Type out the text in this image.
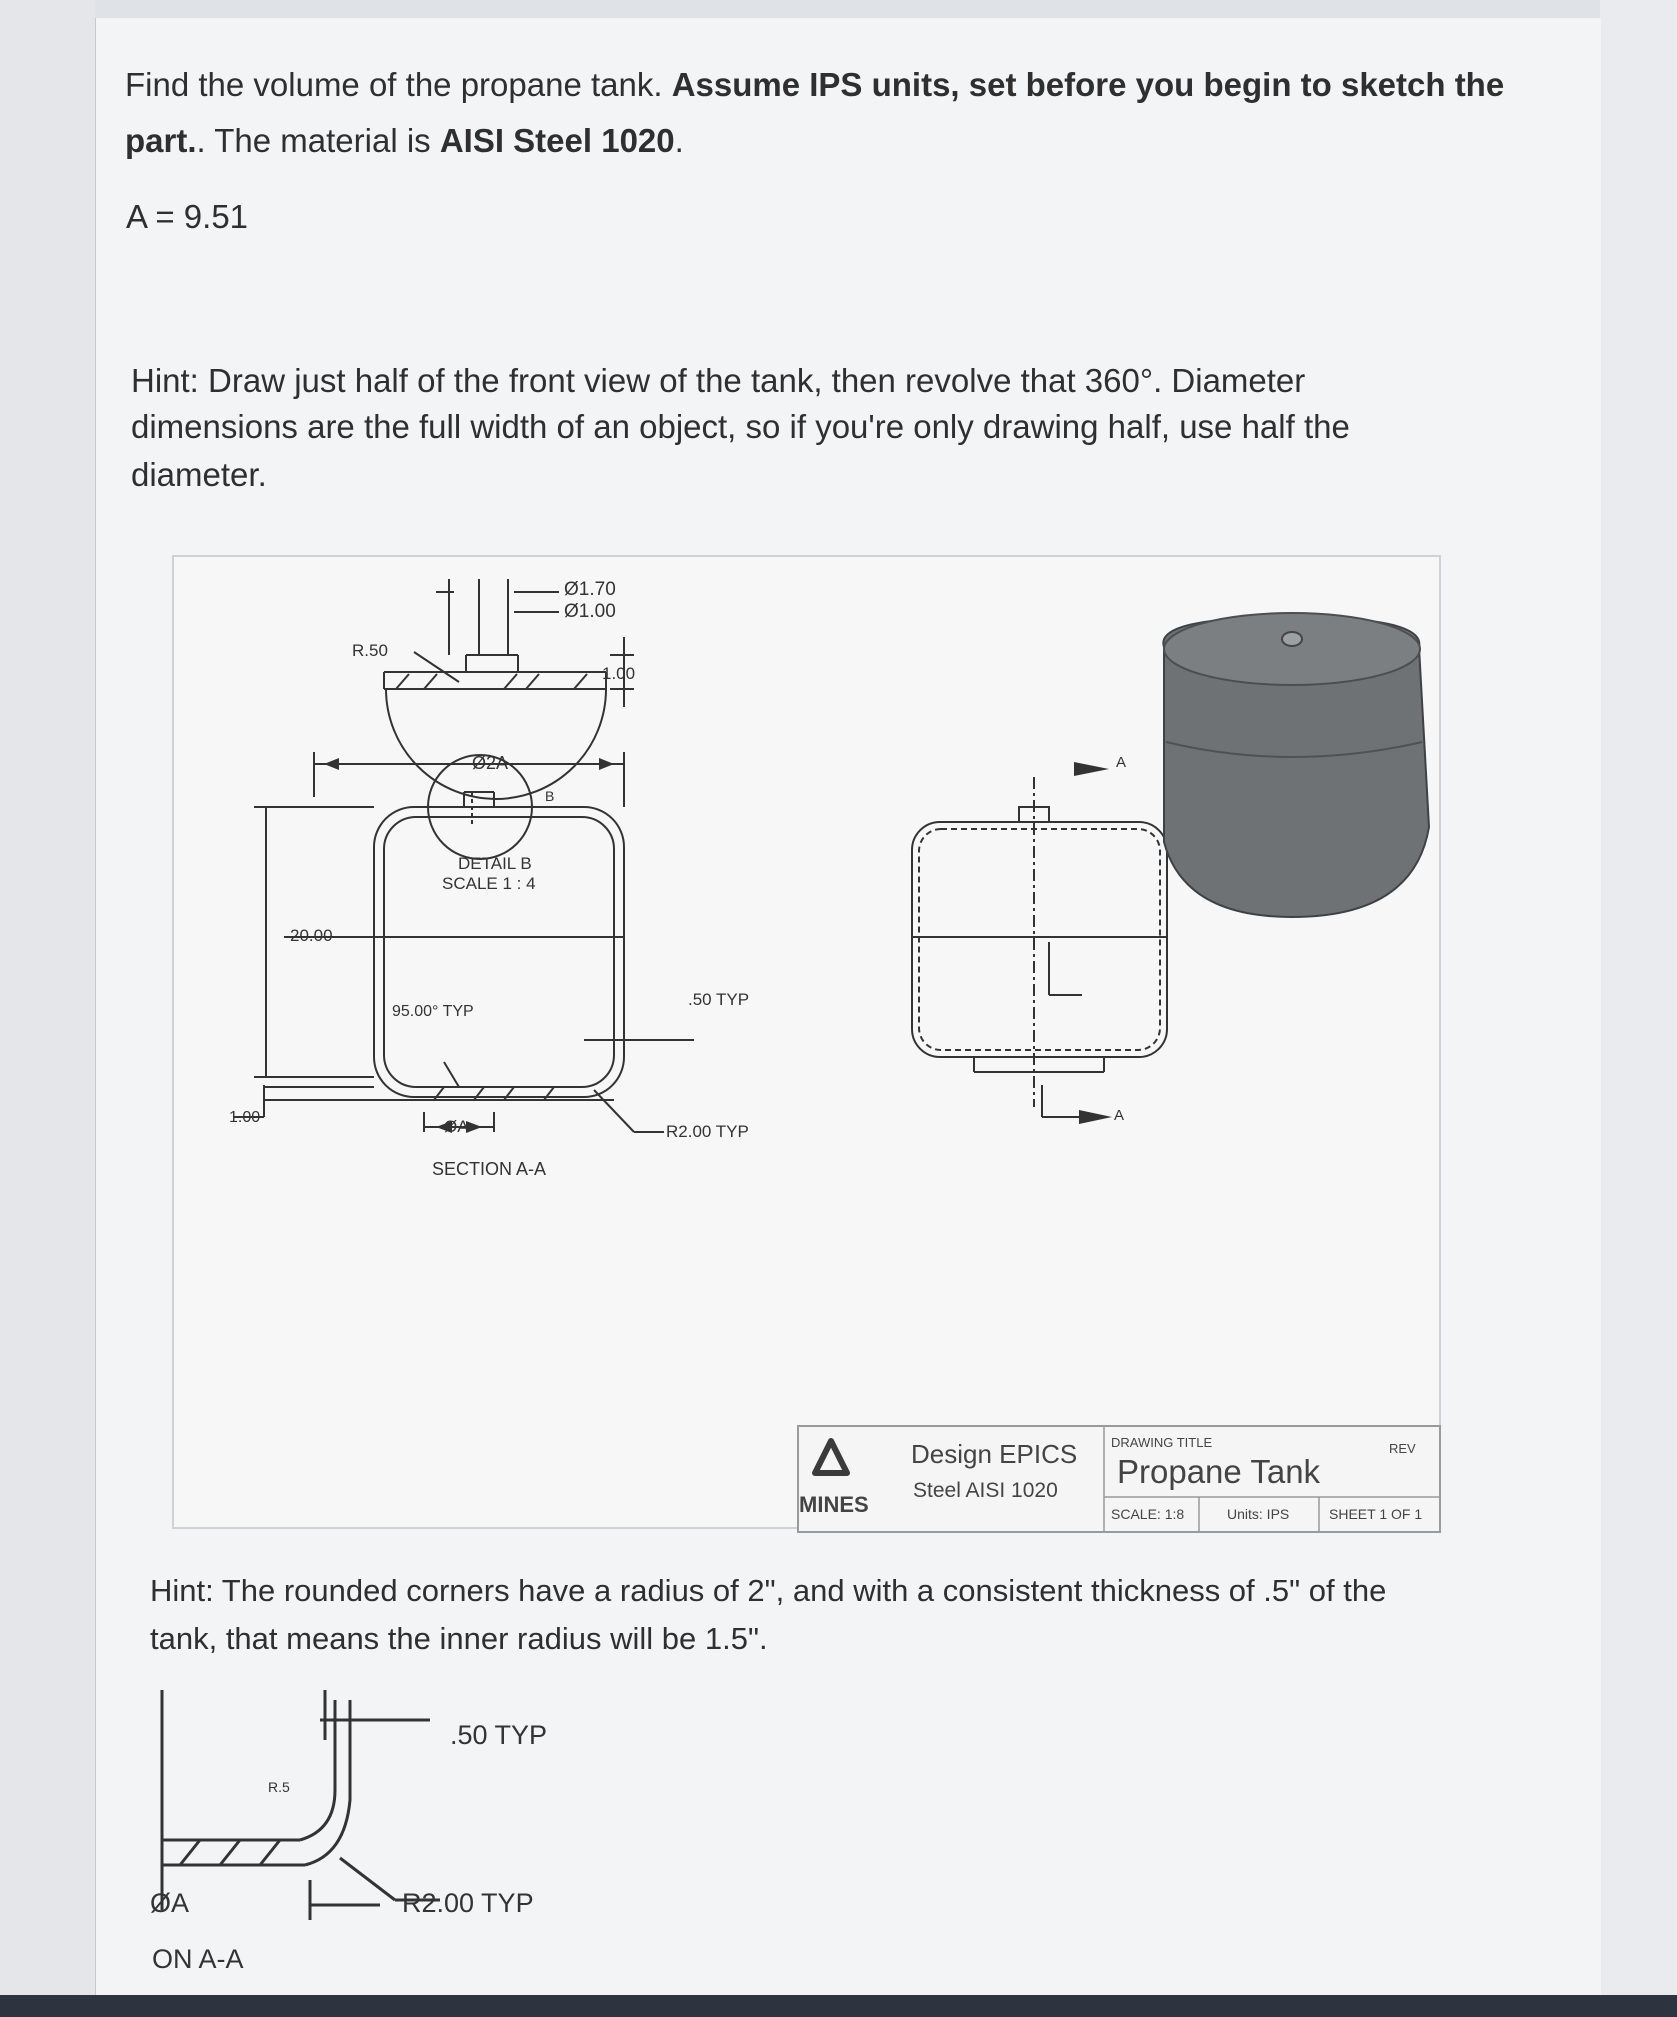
Find the volume of the propane tank. Assume IPS units, set before you begin to sketch the
part.. The material is AISI Steel 1020.
A = 9.51
Hint: Draw just half of the front view of the tank, then revolve that 360°. Diameter
dimensions are the full width of an object, so if you're only drawing half, use half the
diameter.
Ø1.70
Ø1.00
R.50
1.00
DETAIL B
SCALE 1 : 4
Ø2A
20.00
95.00° TYP
.50 TYP
1.00	ØA	R2.00 TYP
B
SECTION A-A
A
A
MINES
Design EPICS
Steel AISI 1020
DRAWING TITLE
Propane Tank
REV
SCALE: 1:8	Units: IPS	SHEET 1 OF 1
Hint: The rounded corners have a radius of 2", and with a consistent thickness of .5" of the
tank, that means the inner radius will be 1.5".
.50 TYP
R2.00 TYP
ØA
ON A-A
R.5
